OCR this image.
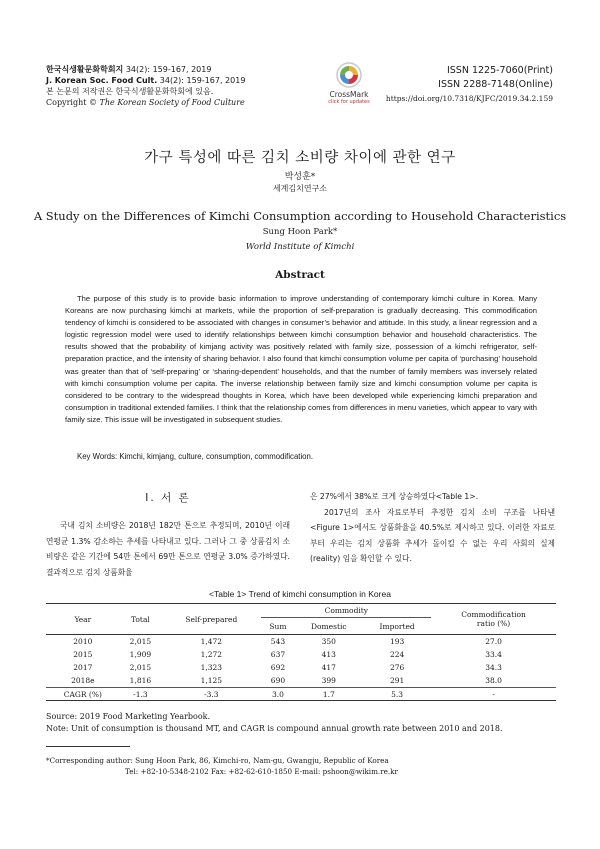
한국식생활문화학회지 34(2): 159-167, 2019
J. Korean Soc. Food Cult. 34(2): 159-167, 2019
본 논문의 저작권은 한국식생활문화학회에 있음.
Copyright © The Korean Society of Food Culture
CrossMark
click for updates
ISSN 1225-7060(Print)
ISSN 2288-7148(Online)
https://doi.org/10.7318/KJFC/2019.34.2.159
가구 특성에 따른 김치 소비량 차이에 관한 연구
박성훈*
세계김치연구소
A Study on the Differences of Kimchi Consumption according to Household Characteristics
Sung Hoon Park*
World Institute of Kimchi
Abstract
The purpose of this study is to provide basic information to improve understanding of contemporary kimchi culture in Korea. Many Koreans are now purchasing kimchi at markets, while the proportion of self-preparation is gradually decreasing. This commodification tendency of kimchi is considered to be associated with changes in consumer’s behavior and attitude. In this study, a linear regression and a logistic regression model were used to identify relationships between kimchi consumption behavior and household characteristics. The results showed that the probability of kimjang activity was positively related with family size, possession of a kimchi refrigerator, self-preparation practice, and the intensity of sharing behavior. I also found that kimchi consumption volume per capita of ‘purchasing’ household was greater than that of ‘self-preparing’ or ‘sharing-dependent’ households, and that the number of family members was inversely related with kimchi consumption volume per capita. The inverse relationship between family size and kimchi consumption volume per capita is considered to be contrary to the widespread thoughts in Korea, which have been developed while experiencing kimchi preparation and consumption in traditional extended families. I think that the relationship comes from differences in menu varieties, which appear to vary with family size. This issue will be investigated in subsequent studies.
Key Words: Kimchi, kimjang, culture, consumption, commodification.
Ⅰ. 서 론
국내 김치 소비량은 2018년 182만 톤으로 추정되며, 2010년 이래 연평균 1.3% 감소하는 추세를 나타내고 있다. 그러나 그 중 상품김치 소비량은 같은 기간에 54만 톤에서 69만 톤으로 연평균 3.0% 증가하였다. 결과적으로 김치 상품화율

은 27%에서 38%로 크게 상승하였다<Table 1>.

2017년의 조사 자료로부터 추정한 김치 소비 구조를 나타낸 <Figure 1>에서도 상품화율을 40.5%로 제시하고 있다. 이러한 자료로부터 우리는 김치 상품화 추세가 돌이킬 수 없는 우리 사회의 실제(reality) 임을 확인할 수 있다.

<Table 1> Trend of kimchi consumption in Korea
Year	Total	Self-prepared	Commodity			Commodification
ratio (%)
			Sum	Domestic	Imported	
2010	2,015	1,472	543	350	193	27.0
2015	1,909	1,272	637	413	224	33.4
2017	2,015	1,323	692	417	276	34.3
2018e	1,816	1,125	690	399	291	38.0
CAGR (%)	-1.3	-3.3	3.0	1.7	5.3	-
Source: 2019 Food Marketing Yearbook.
Note: Unit of consumption is thousand MT, and CAGR is compound annual growth rate between 2010 and 2018.
*Corresponding author: Sung Hoon Park, 86, Kimchi-ro, Nam-gu, Gwangju, Republic of Korea
Tel: +82-10-5348-2102 Fax: +82-62-610-1850 E-mail: pshoon@wikim.re.kr
